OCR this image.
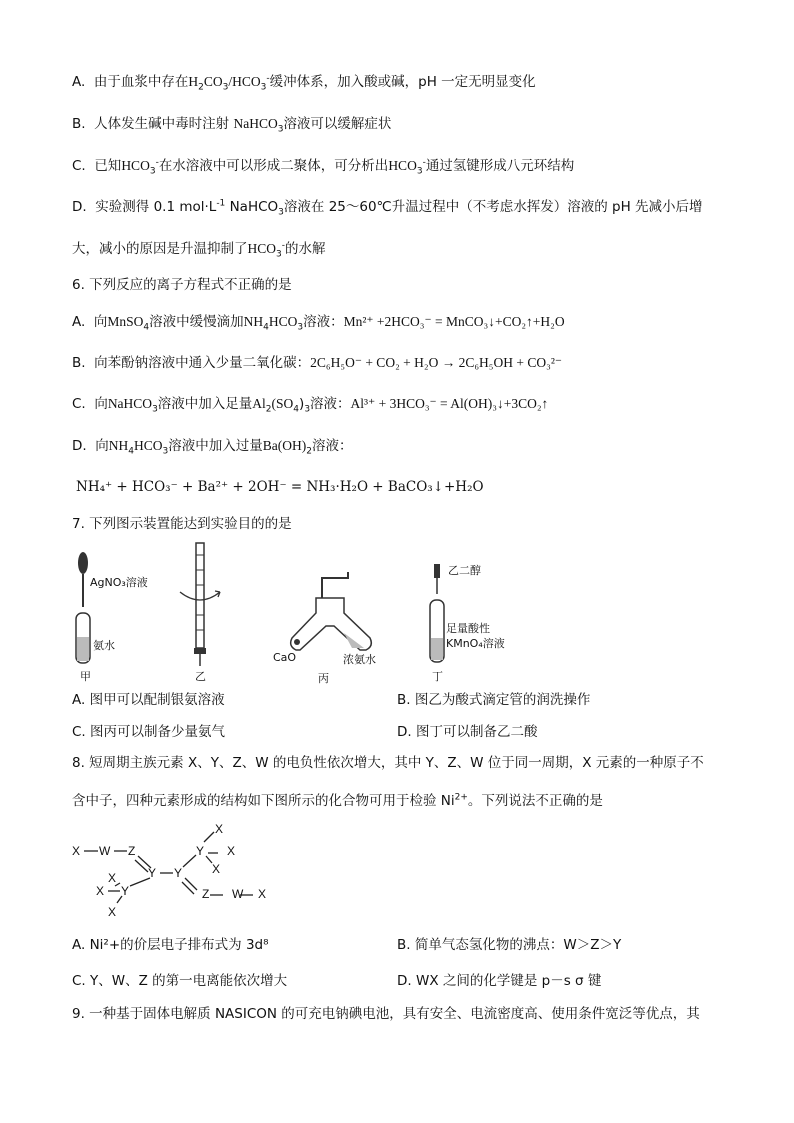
A. 由于血浆中存在$H_2CO_3/HCO_3^-$缓冲体系，加入酸或碱，pH 一定无明显变化
B. 人体发生碱中毒时注射 NaHCO$_3$溶液可以缓解症状
C. 已知$HCO_3^-$在水溶液中可以形成二聚体，可分析出$HCO_3^-$通过氢键形成八元环结构
D. 实验测得 0.1 $mol\cdot L^{-1}$ NaHCO$_3$溶液在 25～60℃升温过程中（不考虑水挥发）溶液的 pH 先减小后增
大，减小的原因是升温抑制了$HCO_3^-$的水解
6. 下列反应的离子方程式不正确的是
A. 向MnSO$_4$溶液中缓慢滴加$NH_4HCO_3$溶液：Mn²⁺ +2HCO₃⁻ = MnCO₃↓+CO₂↑+H₂O
B. 向苯酚钠溶液中通入少量二氧化碳：2C₆H₅O⁻ + CO₂ + H₂O → 2C₆H₅OH + CO₃²⁻
C. 向NaHCO$_3$溶液中加入足量$Al_2(SO_4)_3$溶液：Al³⁺ + 3HCO₃⁻ = Al(OH)₃↓+3CO₂↑
D. 向$NH_4HCO_3$溶液中加入过量$Ba(OH)_2$溶液：
NH₄⁺ + HCO₃⁻ + Ba²⁺ + 2OH⁻ = NH₃·H₂O + BaCO₃↓+H₂O
7. 下列图示装置能达到实验目的的是
AgNO₃溶液
氨水
甲	乙
CaO	浓氨水
丙
乙二醇
足量酸性
KMnO₄溶液
丁
A. 图甲可以配制银氨溶液	B. 图乙为酸式滴定管的润洗操作
C. 图丙可以制备少量氨气	D. 图丁可以制备乙二酸
8. 短周期主族元素 X、Y、Z、W 的电负性依次增大，其中 Y、Z、W 位于同一周期，X 元素的一种原子不
含中子，四种元素形成的结构如下图所示的化合物可用于检验 $Ni^{2+}$。下列说法不正确的是
X W Z
Y Y
Y
X
X
X
Z W X
X
X Y
X
A. Ni²+的价层电子排布式为 3d⁸	B. 简单气态氢化物的沸点：W＞Z＞Y
C. Y、W、Z 的第一电离能依次增大	D. WX 之间的化学键是 p－s σ 键
9. 一种基于固体电解质 NASICON 的可充电钠碘电池，具有安全、电流密度高、使用条件宽泛等优点，其
